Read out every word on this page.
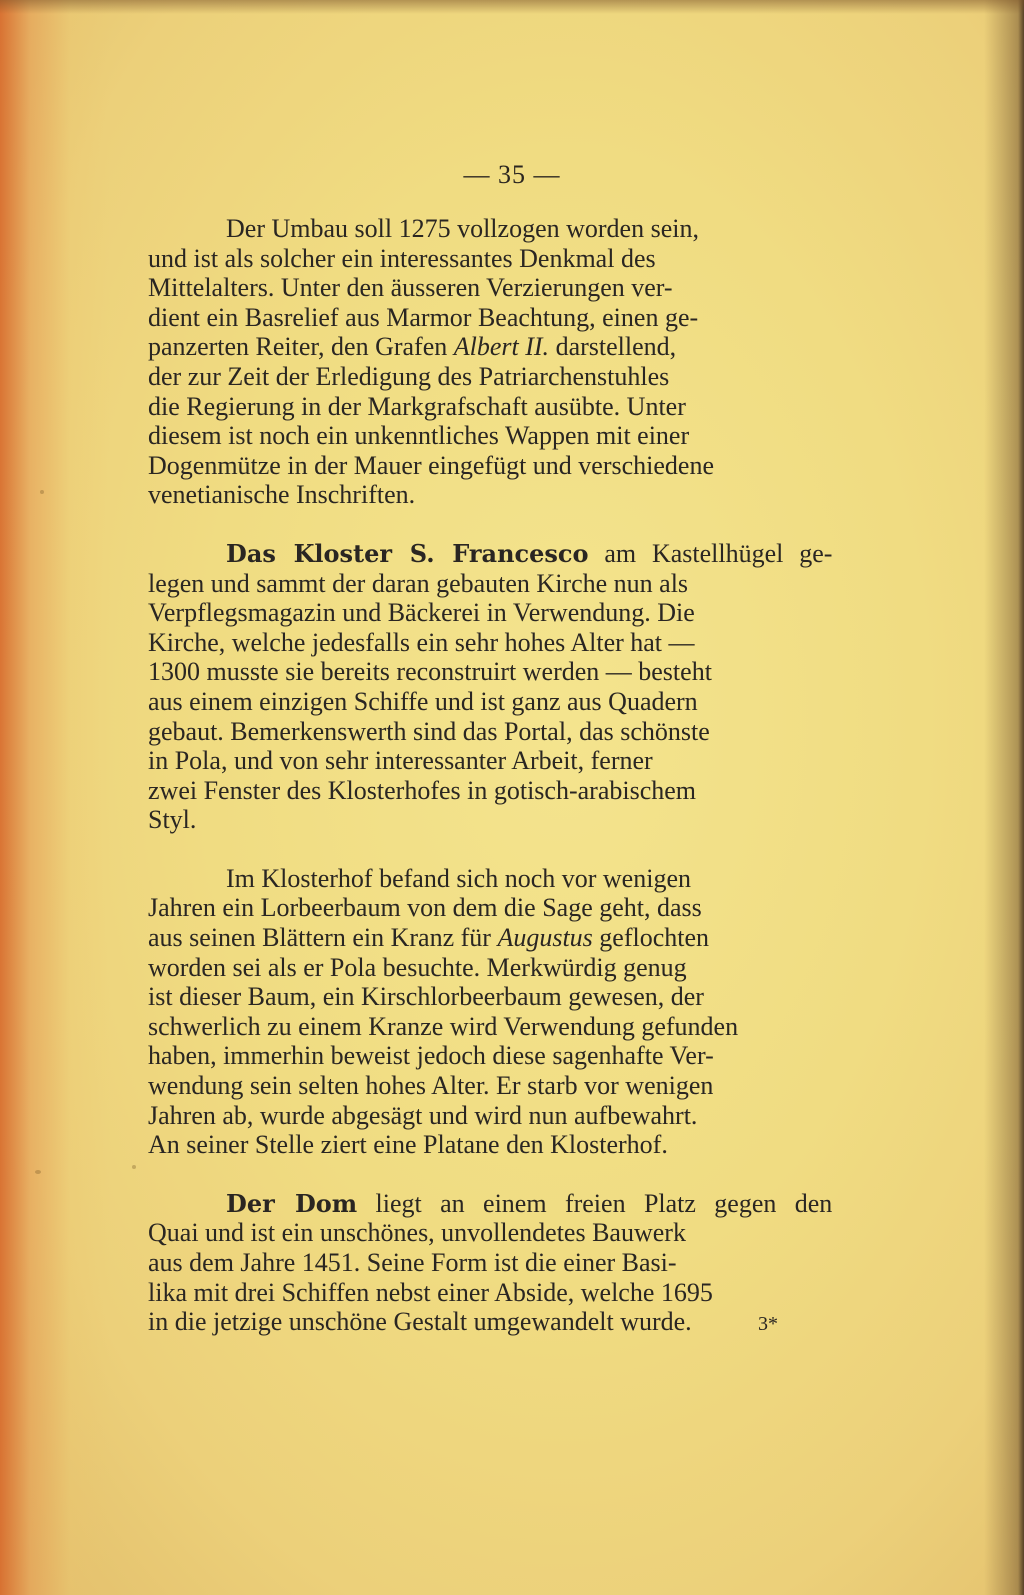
— 35 —

Der Umbau soll 1275 vollzogen worden sein,
und ist als solcher ein interessantes Denkmal des
Mittelalters. Unter den äusseren Verzierungen ver-
dient ein Basrelief aus Marmor Beachtung, einen ge-
panzerten Reiter, den Grafen Albert II. darstellend,
der zur Zeit der Erledigung des Patriarchenstuhles
die Regierung in der Markgrafschaft ausübte. Unter
diesem ist noch ein unkenntliches Wappen mit einer
Dogenmütze in der Mauer eingefügt und verschiedene
venetianische Inschriften.

Das Kloster S. Francesco am Kastellhügel ge-
legen und sammt der daran gebauten Kirche nun als
Verpflegsmagazin und Bäckerei in Verwendung. Die
Kirche, welche jedesfalls ein sehr hohes Alter hat —
1300 musste sie bereits reconstruirt werden — besteht
aus einem einzigen Schiffe und ist ganz aus Quadern
gebaut. Bemerkenswerth sind das Portal, das schönste
in Pola, und von sehr interessanter Arbeit, ferner
zwei Fenster des Klosterhofes in gotisch-arabischem
Styl.

Im Klosterhof befand sich noch vor wenigen
Jahren ein Lorbeerbaum von dem die Sage geht, dass
aus seinen Blättern ein Kranz für Augustus geflochten
worden sei als er Pola besuchte. Merkwürdig genug
ist dieser Baum, ein Kirschlorbeerbaum gewesen, der
schwerlich zu einem Kranze wird Verwendung gefunden
haben, immerhin beweist jedoch diese sagenhafte Ver-
wendung sein selten hohes Alter. Er starb vor wenigen
Jahren ab, wurde abgesägt und wird nun aufbewahrt.
An seiner Stelle ziert eine Platane den Klosterhof.

Der Dom liegt an einem freien Platz gegen den
Quai und ist ein unschönes, unvollendetes Bauwerk
aus dem Jahre 1451. Seine Form ist die einer Basi-
lika mit drei Schiffen nebst einer Abside, welche 1695
in die jetzige unschöne Gestalt umgewandelt wurde.	3*
